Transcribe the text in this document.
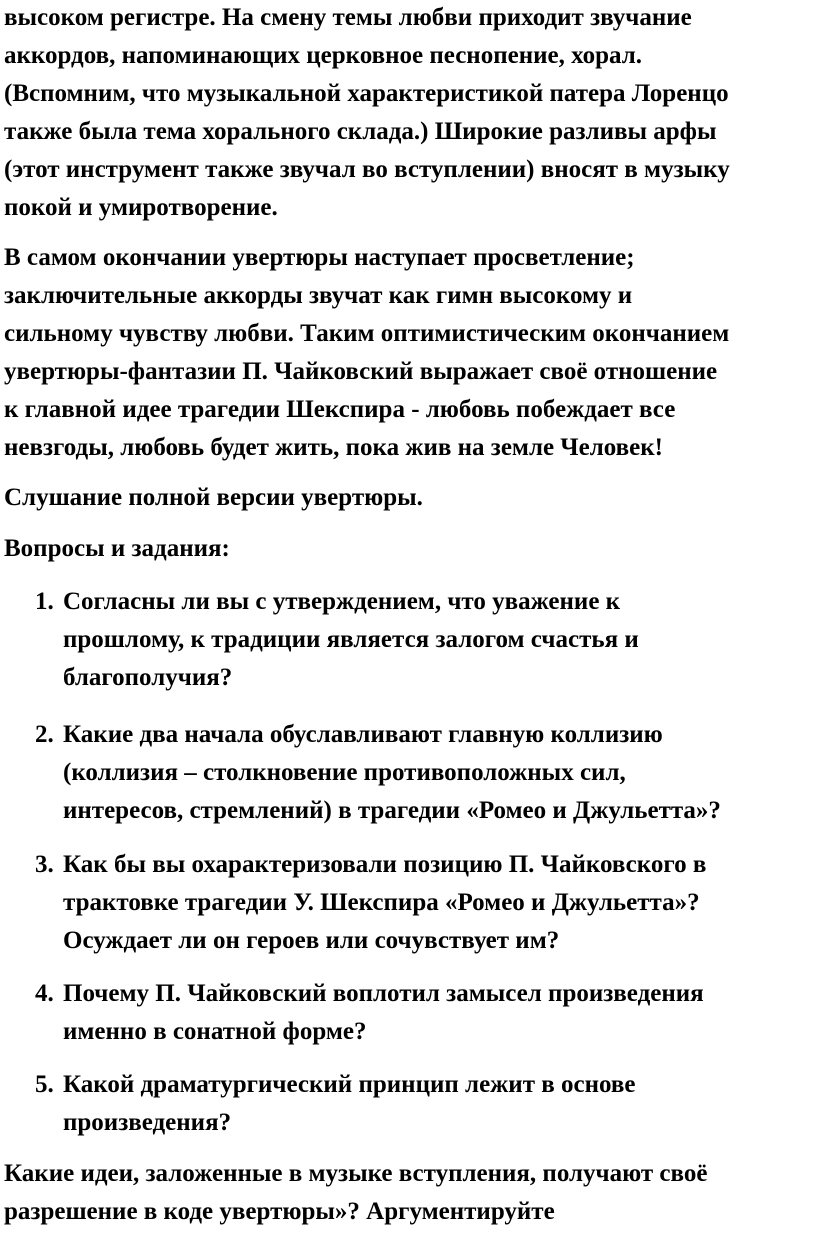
высоком регистре. На смену темы любви приходит звучание
аккордов, напоминающих церковное песнопение, хорал.
(Вспомним, что музыкальной характеристикой патера Лоренцо
также была тема хорального склада.) Широкие разливы арфы
(этот инструмент также звучал во вступлении) вносят в музыку
покой и умиротворение.
В самом окончании увертюры наступает просветление;
заключительные аккорды звучат как гимн высокому и
сильному чувству любви. Таким оптимистическим окончанием
увертюры-фантазии П. Чайковский выражает своё отношение
к главной идее трагедии Шекспира - любовь побеждает все
невзгоды, любовь будет жить, пока жив на земле Человек!
Слушание полной версии увертюры.
Вопросы и задания:
1. Согласны ли вы с утверждением, что уважение к
прошлому, к традиции является залогом счастья и
благополучия?
2. Какие два начала обуславливают главную коллизию
(коллизия – столкновение противоположных сил,
интересов, стремлений) в трагедии «Ромео и Джульетта»?
3. Как бы вы охарактеризовали позицию П. Чайковского в
трактовке трагедии У. Шекспира «Ромео и Джульетта»?
Осуждает ли он героев или сочувствует им?
4. Почему П. Чайковский воплотил замысел произведения
именно в сонатной форме?
5. Какой драматургический принцип лежит в основе
произведения?
Какие идеи, заложенные в музыке вступления, получают своё
разрешение в коде увертюры»? Аргументируйте
